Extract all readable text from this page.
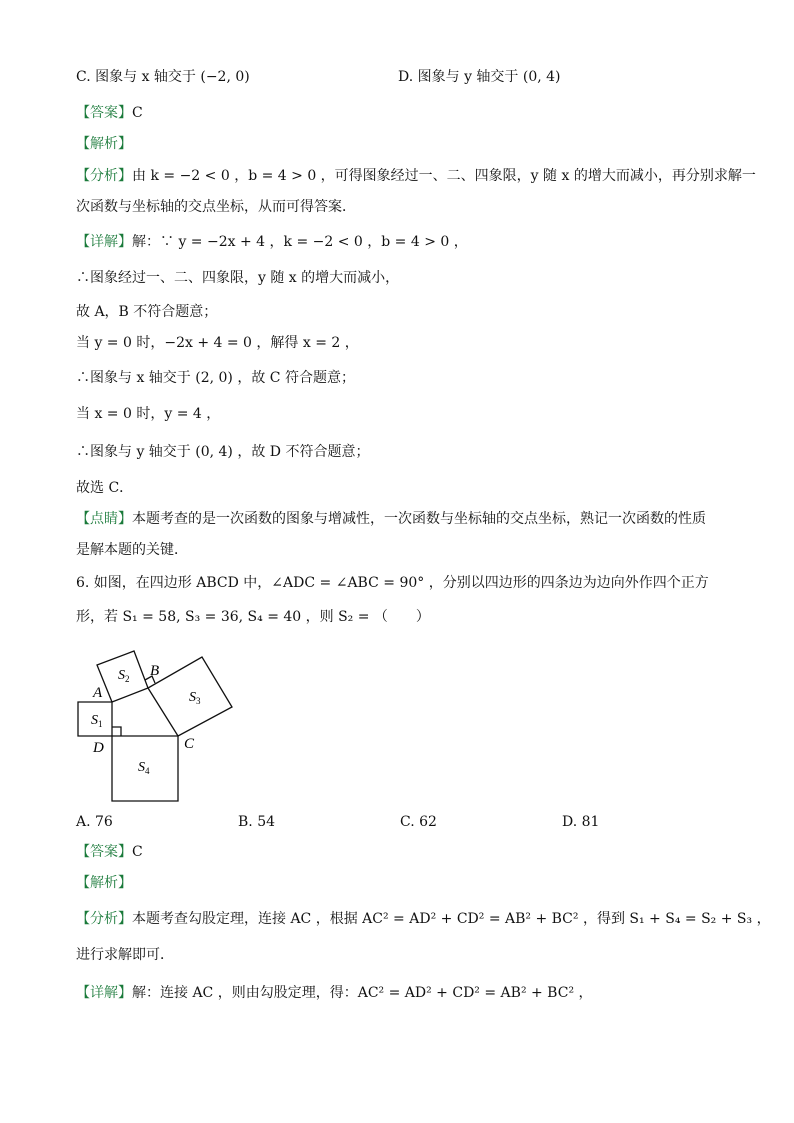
C. 图象与 x 轴交于 (−2, 0)	D. 图象与 y 轴交于 (0, 4)
【答案】C
【解析】
【分析】由 k = −2 < 0 ，b = 4 > 0 ，可得图象经过一、二、四象限，y 随 x 的增大而减小，再分别求解一
次函数与坐标轴的交点坐标，从而可得答案．
【详解】解：∵ y = −2x + 4 ，k = −2 < 0 ，b = 4 > 0 ，
∴图象经过一、二、四象限，y 随 x 的增大而减小，
故 A，B 不符合题意；
当 y = 0 时，−2x + 4 = 0 ，解得 x = 2 ，
∴图象与 x 轴交于 (2, 0) ，故 C 符合题意；
当 x = 0 时，y = 4 ，
∴图象与 y 轴交于 (0, 4) ，故 D 不符合题意；
故选 C．
【点睛】本题考查的是一次函数的图象与增减性，一次函数与坐标轴的交点坐标，熟记一次函数的性质
是解本题的关键．
6. 如图，在四边形 ABCD 中，∠ADC = ∠ABC = 90° ，分别以四边形的四条边为边向外作四个正方
形，若 S₁ = 58, S₃ = 36, S₄ = 40 ，则 S₂ = （　　）
A
B
C
D
$S_1$
$S_2$
$S_3$
$S_4$
A. 76	B. 54	C. 62	D. 81
【答案】C
【解析】
【分析】本题考查勾股定理，连接 AC ，根据 AC² = AD² + CD² = AB² + BC² ，得到 S₁ + S₄ = S₂ + S₃ ，
进行求解即可．
【详解】解：连接 AC ，则由勾股定理，得：AC² = AD² + CD² = AB² + BC² ，
